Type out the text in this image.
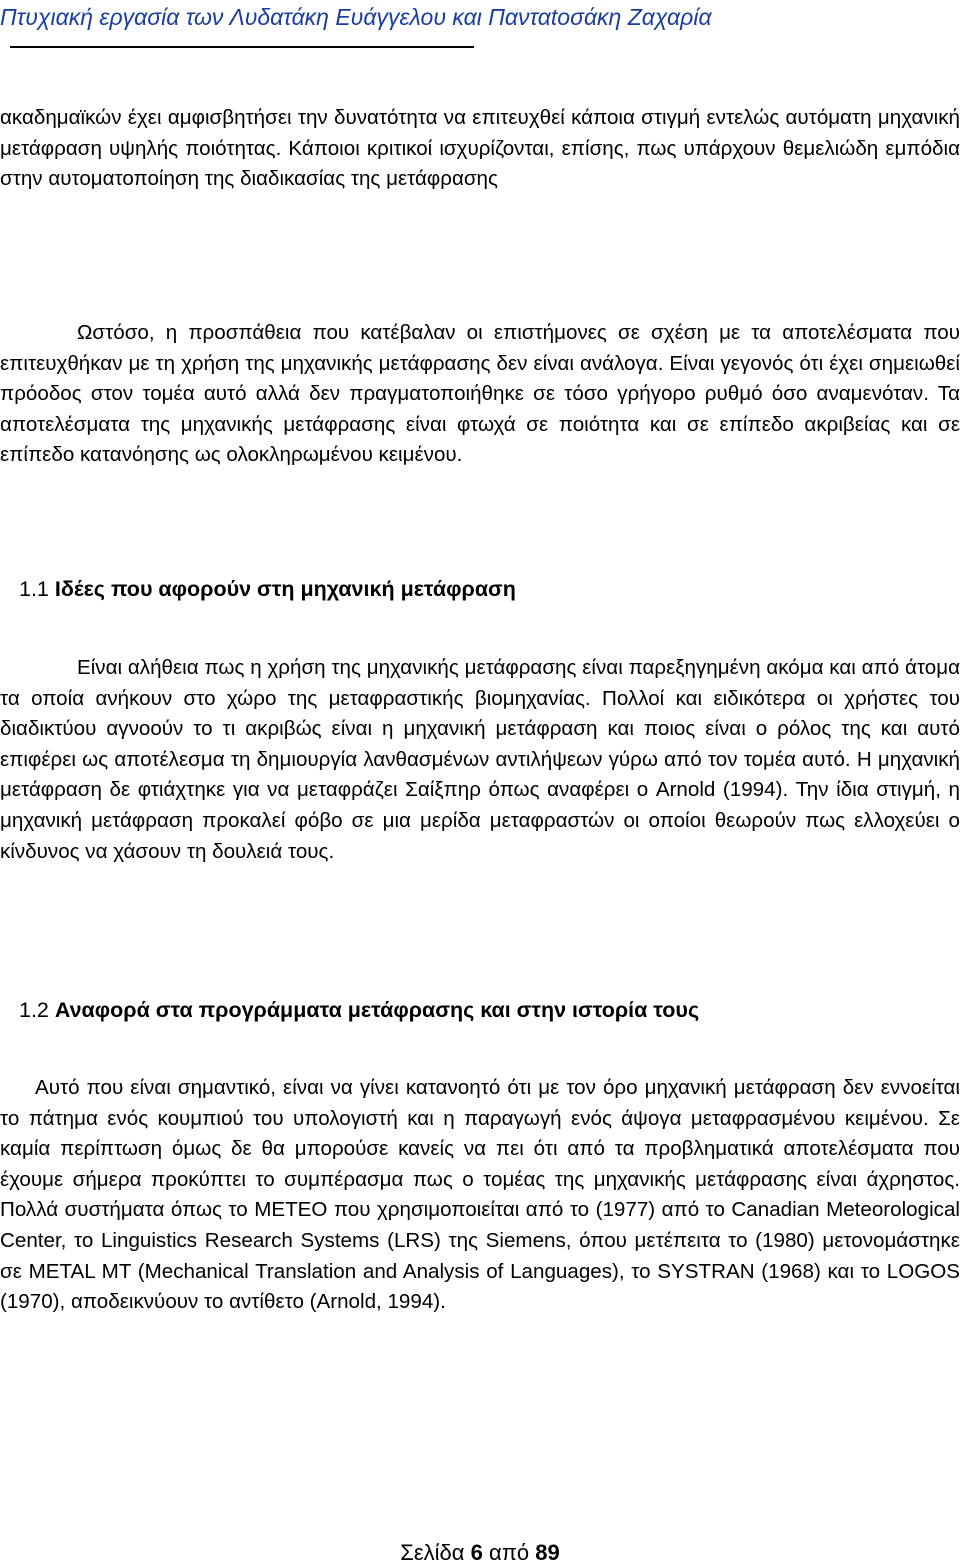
Πτυχιακή εργασία των Λυδατάκη Ευάγγελου και Πανταtοσάκη Ζαχαρία

ακαδημαϊκών έχει αμφισβητήσει την δυνατότητα να επιτευχθεί κάποια στιγμή εντελώς αυτόματη μηχανική μετάφραση υψηλής ποιότητας. Κάποιοι κριτικοί ισχυρίζονται, επίσης, πως υπάρχουν θεμελιώδη εμπόδια στην αυτοματοποίηση της διαδικασίας της μετάφρασης

Ωστόσο, η προσπάθεια που κατέβαλαν οι επιστήμονες σε σχέση με τα αποτελέσματα που επιτευχθήκαν με τη χρήση της μηχανικής μετάφρασης δεν είναι ανάλογα. Είναι γεγονός ότι έχει σημειωθεί πρόοδος στον τομέα αυτό αλλά δεν πραγματοποιήθηκε σε τόσο γρήγορο ρυθμό όσο αναμενόταν. Τα αποτελέσματα της μηχανικής μετάφρασης είναι φτωχά σε ποιότητα και σε επίπεδο ακριβείας και σε επίπεδο κατανόησης ως ολοκληρωμένου κειμένου.

1.1 Ιδέες που αφορούν στη μηχανική μετάφραση

Είναι αλήθεια πως η χρήση της μηχανικής μετάφρασης είναι παρεξηγημένη ακόμα και από άτομα τα οποία ανήκουν στο χώρο της μεταφραστικής βιομηχανίας. Πολλοί και ειδικότερα οι χρήστες του διαδικτύου αγνοούν το τι ακριβώς είναι η μηχανική μετάφραση και ποιος είναι ο ρόλος της και αυτό επιφέρει ως αποτέλεσμα τη δημιουργία λανθασμένων αντιλήψεων γύρω από τον τομέα αυτό. Η μηχανική μετάφραση δε φτιάχτηκε για να μεταφράζει Σαίξπηρ όπως αναφέρει ο Arnold (1994). Την ίδια στιγμή, η μηχανική μετάφραση προκαλεί φόβο σε μια μερίδα μεταφραστών οι οποίοι θεωρούν πως ελλοχεύει ο κίνδυνος να χάσουν τη δουλειά τους.

1.2 Αναφορά στα προγράμματα μετάφρασης και στην ιστορία τους

Αυτό που είναι σημαντικό, είναι να γίνει κατανοητό ότι με τον όρο μηχανική μετάφραση δεν εννοείται το πάτημα ενός κουμπιού του υπολογιστή και η παραγωγή ενός άψογα μεταφρασμένου κειμένου. Σε καμία περίπτωση όμως δε θα μπορούσε κανείς να πει ότι από τα προβληματικά αποτελέσματα που έχουμε σήμερα προκύπτει το συμπέρασμα πως ο τομέας της μηχανικής μετάφρασης είναι άχρηστος. Πολλά συστήματα όπως το METEO που χρησιμοποιείται από το (1977) από το Canadian Meteorological Center, το Linguistics Research Systems (LRS) της Siemens, όπου μετέπειτα το (1980) μετονομάστηκε σε METAL MT (Mechanical Translation and Analysis of Languages), το SYSTRAN (1968) και το LOGOS (1970), αποδεικνύουν το αντίθετο (Arnold, 1994).

Σελίδα 6 από 89
